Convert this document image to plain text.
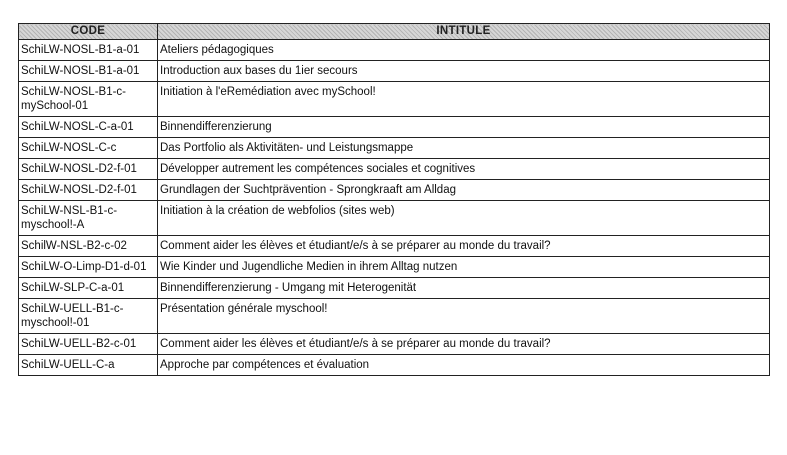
CODE	INTITULE
SchiLW-NOSL-B1-a-01	Ateliers pédagogiques
SchiLW-NOSL-B1-a-01	Introduction aux bases du 1ier secours
SchiLW-NOSL-B1-c-mySchool-01	Initiation à l'eRemédiation avec mySchool!
SchiLW-NOSL-C-a-01	Binnendifferenzierung
SchiLW-NOSL-C-c	Das Portfolio als Aktivitäten- und Leistungsmappe
SchiLW-NOSL-D2-f-01	Développer autrement les compétences sociales et cognitives
SchiLW-NOSL-D2-f-01	Grundlagen der Suchtprävention - Sprongkraaft am Alldag
SchiLW-NSL-B1-c-myschool!-A	Initiation à la création de webfolios (sites web)
SchilW-NSL-B2-c-02	Comment aider les élèves et étudiant/e/s à se préparer au monde du travail?
SchiLW-O-Limp-D1-d-01	Wie Kinder und Jugendliche Medien in ihrem Alltag nutzen
SchiLW-SLP-C-a-01	Binnendifferenzierung - Umgang mit Heterogenität
SchiLW-UELL-B1-c-myschool!-01	Présentation générale myschool!
SchiLW-UELL-B2-c-01	Comment aider les élèves et étudiant/e/s à se préparer au monde du travail?
SchiLW-UELL-C-a	Approche par compétences et évaluation
